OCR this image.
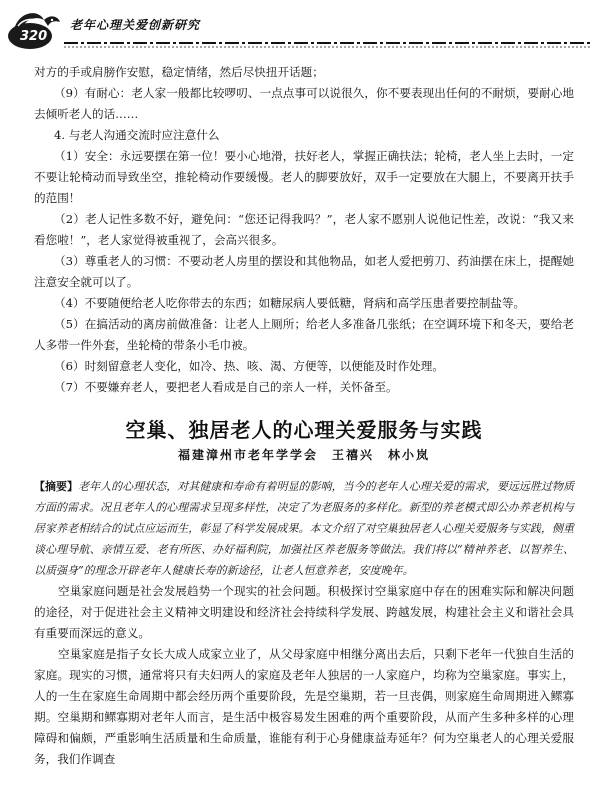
320
老年心理关爱创新研究

对方的手或肩膀作安慰，稳定情绪，然后尽快扭开话题；

（9）有耐心：老人家一般都比较啰叨、一点点事可以说很久，你不要表现出任何的不耐烦，要耐心地去倾听老人的话……

4. 与老人沟通交流时应注意什么

（1）安全：永远要摆在第一位！要小心地滑，扶好老人，掌握正确扶法；轮椅，老人坐上去时，一定不要让轮椅动而导致坐空，推轮椅动作要缓慢。老人的脚要放好，双手一定要放在大腿上，不要离开扶手的范围！

（2）老人记性多数不好，避免问：“您还记得我吗？”，老人家不愿别人说他记性差，改说：“我又来看您啦！”，老人家觉得被重视了，会高兴很多。

（3）尊重老人的习惯：不要动老人房里的摆设和其他物品，如老人爱把剪刀、药油摆在床上，提醒她注意安全就可以了。

（4）不要随便给老人吃你带去的东西；如糖尿病人要低糖，肾病和高学压患者要控制盐等。

（5）在搞活动的离房前做准备：让老人上厕所；给老人多准备几张纸；在空调环境下和冬天，要给老人多带一件外套，坐轮椅的带条小毛巾被。

（6）时刻留意老人变化，如冷、热、咳、渴、方便等，以便能及时作处理。

（7）不要嫌弃老人，要把老人看成是自己的亲人一样，关怀备至。

空巢、独居老人的心理关爱服务与实践
福建漳州市老年学学会　王禧兴　林小岚

【摘要】老年人的心理状态，对其健康和寿命有着明显的影响，当今的老年人心理关爱的需求，要远远胜过物质方面的需求。况且老年人的心理需求呈现多样性，决定了为老服务的多样化。新型的养老模式即公办养老机构与居家养老相结合的试点应运而生，彰显了科学发展成果。本文介绍了对空巢独居老人心理关爱服务与实践，侧重谈心理导航、亲情互爱、老有所医、办好福利院，加强社区养老服务等做法。我们将以“精神养老、以智养生、以质强身”的理念开辟老年人健康长寿的新途径，让老人恒意养老，安度晚年。

空巢家庭问题是社会发展趋势一个现实的社会问题。积极探讨空巢家庭中存在的困难实际和解决问题的途径，对于促进社会主义精神文明建设和经济社会持续科学发展、跨越发展，构建社会主义和谐社会具有重要而深远的意义。

空巢家庭是指子女长大成人成家立业了，从父母家庭中相继分离出去后，只剩下老年一代独自生活的家庭。现实的习惯，通常将只有夫妇两人的家庭及老年人独居的一人家庭户，均称为空巢家庭。事实上，人的一生在家庭生命周期中都会经历两个重要阶段，先是空巢期，若一旦丧偶，则家庭生命周期进入鳏寡期。空巢期和鳏寡期对老年人而言，是生活中极容易发生困难的两个重要阶段，从而产生多种多样的心理障碍和偏颇，严重影响生活质量和生命质量，谁能有利于心身健康益寿延年？何为空巢老人的心理关爱服务，我们作调查
